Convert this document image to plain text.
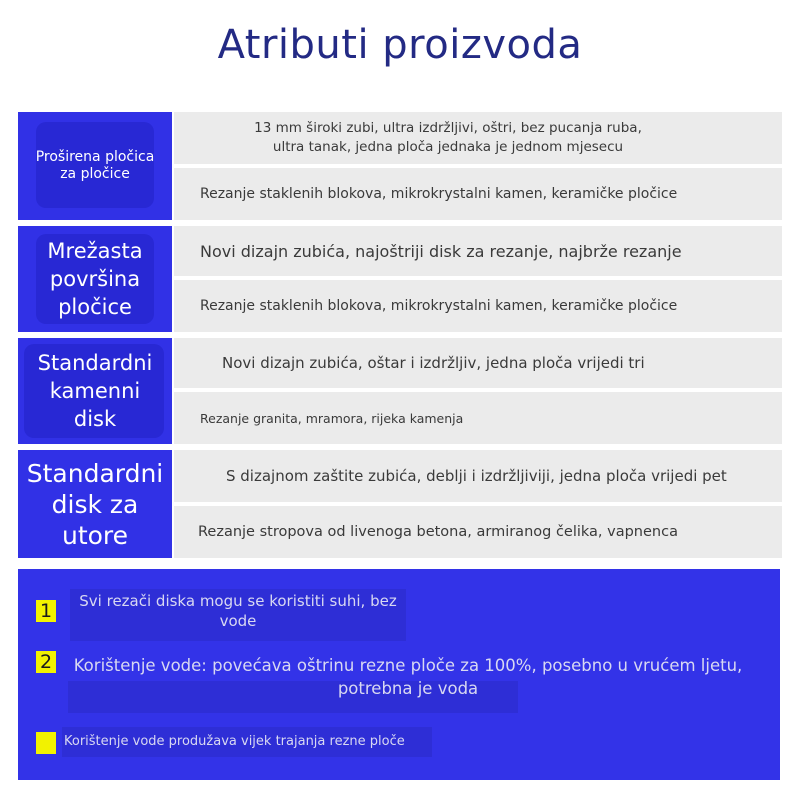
Atributi proizvoda
Proširena pločica za pločice
13 mm široki zubi, ultra izdržljivi, oštri, bez pucanja ruba,
ultra tanak, jedna ploča jednaka je jednom mjesecu
Rezanje staklenih blokova, mikrokrystalni kamen, keramičke pločice
Mrežasta površina pločice
Novi dizajn zubića, najoštriji disk za rezanje, najbrže rezanje
Rezanje staklenih blokova, mikrokrystalni kamen, keramičke pločice
Standardni kamenni disk
Novi dizajn zubića, oštar i izdržljiv, jedna ploča vrijedi tri
Rezanje granita, mramora, rijeka kamenja
Standardni disk za utore
S dizajnom zaštite zubića, deblji i izdržljiviji, jedna ploča vrijedi pet
Rezanje stropova od livenoga betona, armiranog čelika, vapnenca
1	Svi rezači diska mogu se koristiti suhi, bez vode
2	Korištenje vode: povećava oštrinu rezne ploče za 100%, posebno u vrućem ljetu, potrebna je voda
Korištenje vode produžava vijek trajanja rezne ploče
